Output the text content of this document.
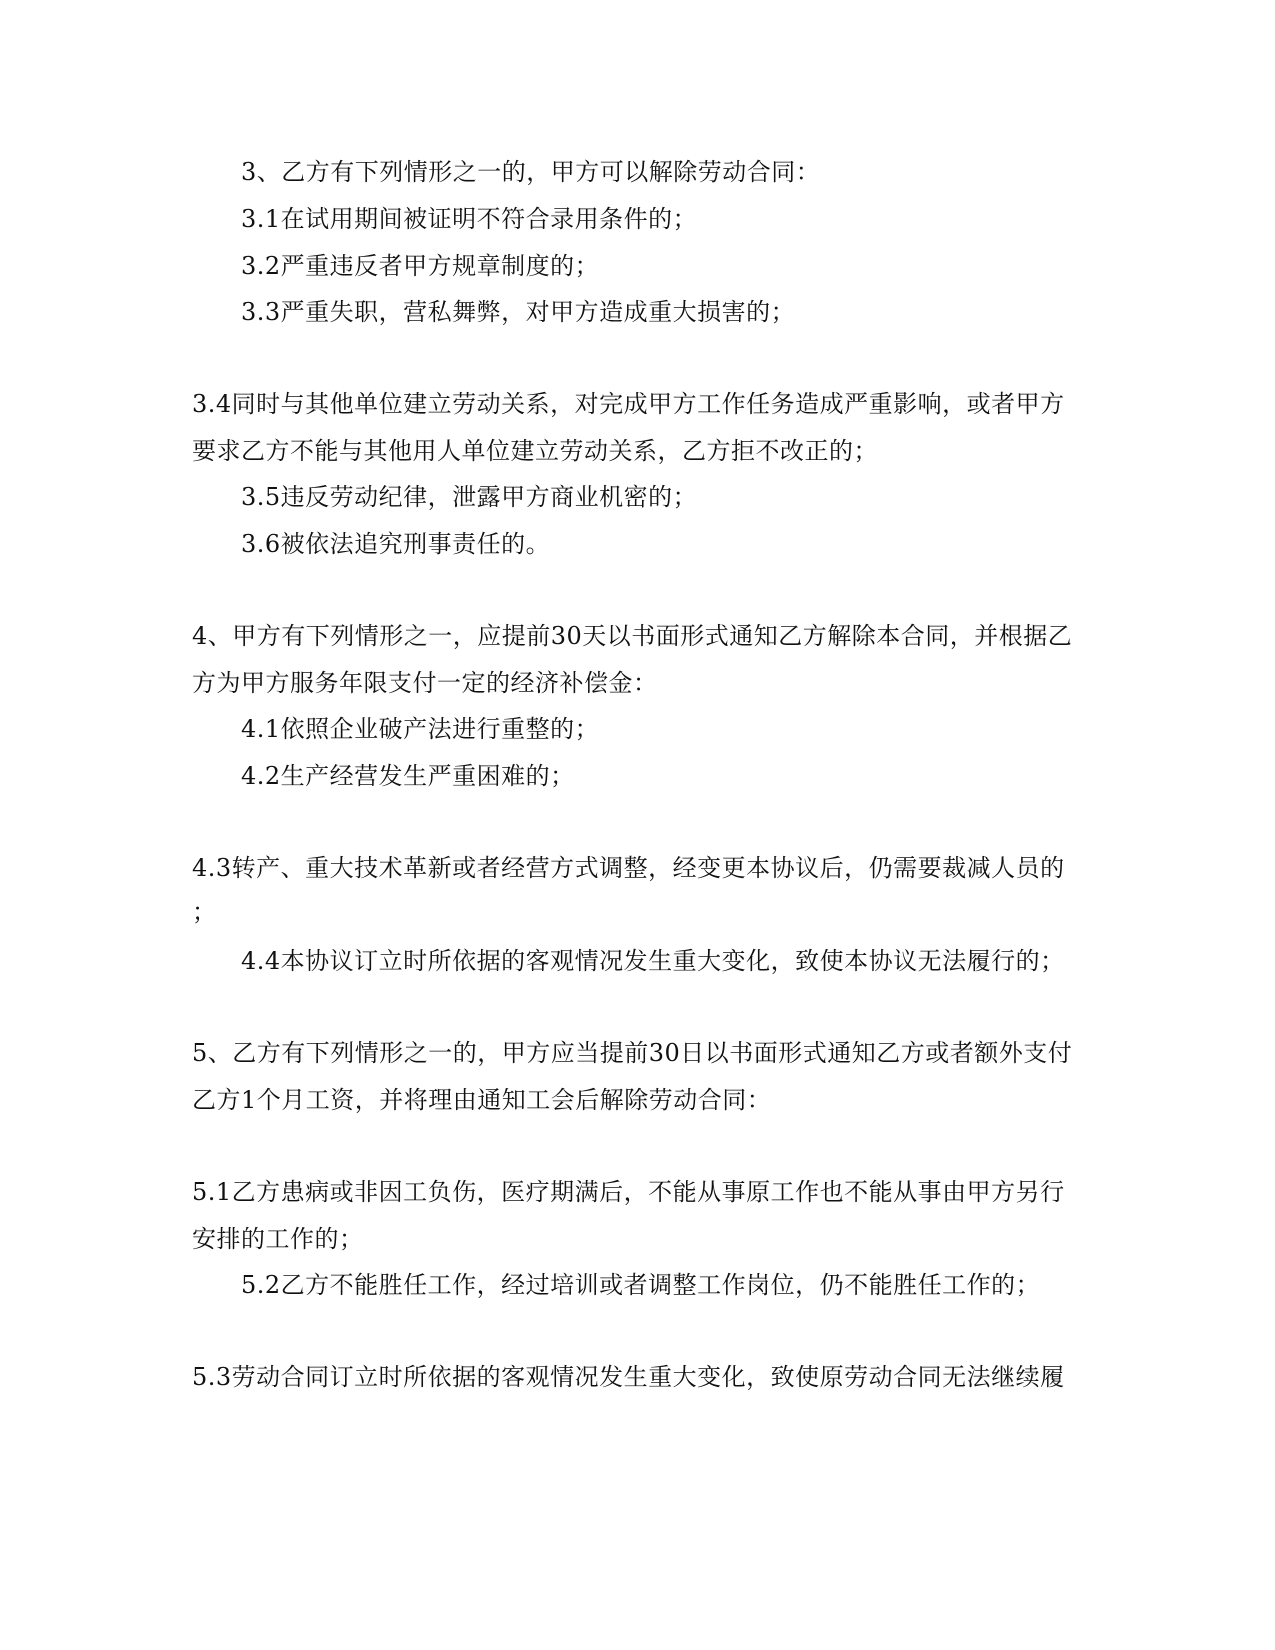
3、乙方有下列情形之一的，甲方可以解除劳动合同：
3.1在试用期间被证明不符合录用条件的；
3.2严重违反者甲方规章制度的；
3.3严重失职，营私舞弊，对甲方造成重大损害的；
3.4同时与其他单位建立劳动关系，对完成甲方工作任务造成严重影响，或者甲方
要求乙方不能与其他用人单位建立劳动关系，乙方拒不改正的；
3.5违反劳动纪律，泄露甲方商业机密的；
3.6被依法追究刑事责任的。
4、甲方有下列情形之一，应提前30天以书面形式通知乙方解除本合同，并根据乙
方为甲方服务年限支付一定的经济补偿金：
4.1依照企业破产法进行重整的；
4.2生产经营发生严重困难的；
4.3转产、重大技术革新或者经营方式调整，经变更本协议后，仍需要裁减人员的
；
4.4本协议订立时所依据的客观情况发生重大变化，致使本协议无法履行的；
5、乙方有下列情形之一的，甲方应当提前30日以书面形式通知乙方或者额外支付
乙方1个月工资，并将理由通知工会后解除劳动合同：
5.1乙方患病或非因工负伤，医疗期满后，不能从事原工作也不能从事由甲方另行
安排的工作的；
5.2乙方不能胜任工作，经过培训或者调整工作岗位，仍不能胜任工作的；
5.3劳动合同订立时所依据的客观情况发生重大变化，致使原劳动合同无法继续履
